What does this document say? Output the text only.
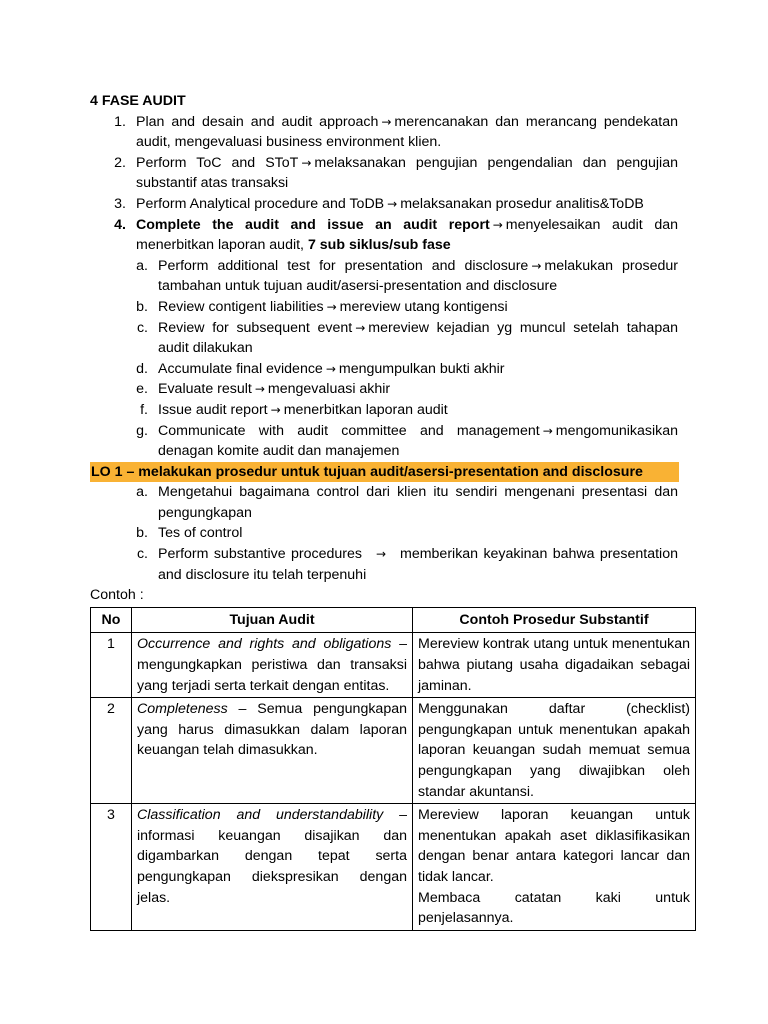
4 FASE AUDIT
1. Plan and desain and audit approach → merencanakan dan merancang pendekatan audit, mengevaluasi business environment klien.
2. Perform ToC and SToT → melaksanakan pengujian pengendalian dan pengujian substantif atas transaksi
3. Perform Analytical procedure and ToDB → melaksanakan prosedur analitis&ToDB
4. Complete the audit and issue an audit report → menyelesaikan audit dan menerbitkan laporan audit, 7 sub siklus/sub fase
a. Perform additional test for presentation and disclosure → melakukan prosedur tambahan untuk tujuan audit/asersi-presentation and disclosure
b. Review contigent liabilities → mereview utang kontigensi
c. Review for subsequent event → mereview kejadian yg muncul setelah tahapan audit dilakukan
d. Accumulate final evidence → mengumpulkan bukti akhir
e. Evaluate result → mengevaluasi akhir
f. Issue audit report → menerbitkan laporan audit
g. Communicate with audit committee and management → mengomunikasikan denagan komite audit dan manajemen
LO 1 – melakukan prosedur untuk tujuan audit/asersi-presentation and disclosure
a. Mengetahui bagaimana control dari klien itu sendiri mengenani presentasi dan pengungkapan
b. Tes of control
c. Perform substantive procedures → memberikan keyakinan bahwa presentation and disclosure itu telah terpenuhi
Contoh :
No	Tujuan Audit	Contoh Prosedur Substantif
1	Occurrence and rights and obligations – mengungkapkan peristiwa dan transaksi yang terjadi serta terkait dengan entitas.	Mereview kontrak utang untuk menentukan bahwa piutang usaha digadaikan sebagai jaminan.
2	Completeness – Semua pengungkapan yang harus dimasukkan dalam laporan keuangan telah dimasukkan.	Menggunakan daftar (checklist) pengungkapan untuk menentukan apakah laporan keuangan sudah memuat semua pengungkapan yang diwajibkan oleh standar akuntansi.
3	Classification and understandability – informasi keuangan disajikan dan digambarkan dengan tepat serta pengungkapan diekspresikan dengan jelas.	Mereview laporan keuangan untuk menentukan apakah aset diklasifikasikan dengan benar antara kategori lancar dan tidak lancar.
Membaca catatan kaki untuk penjelasannya.
